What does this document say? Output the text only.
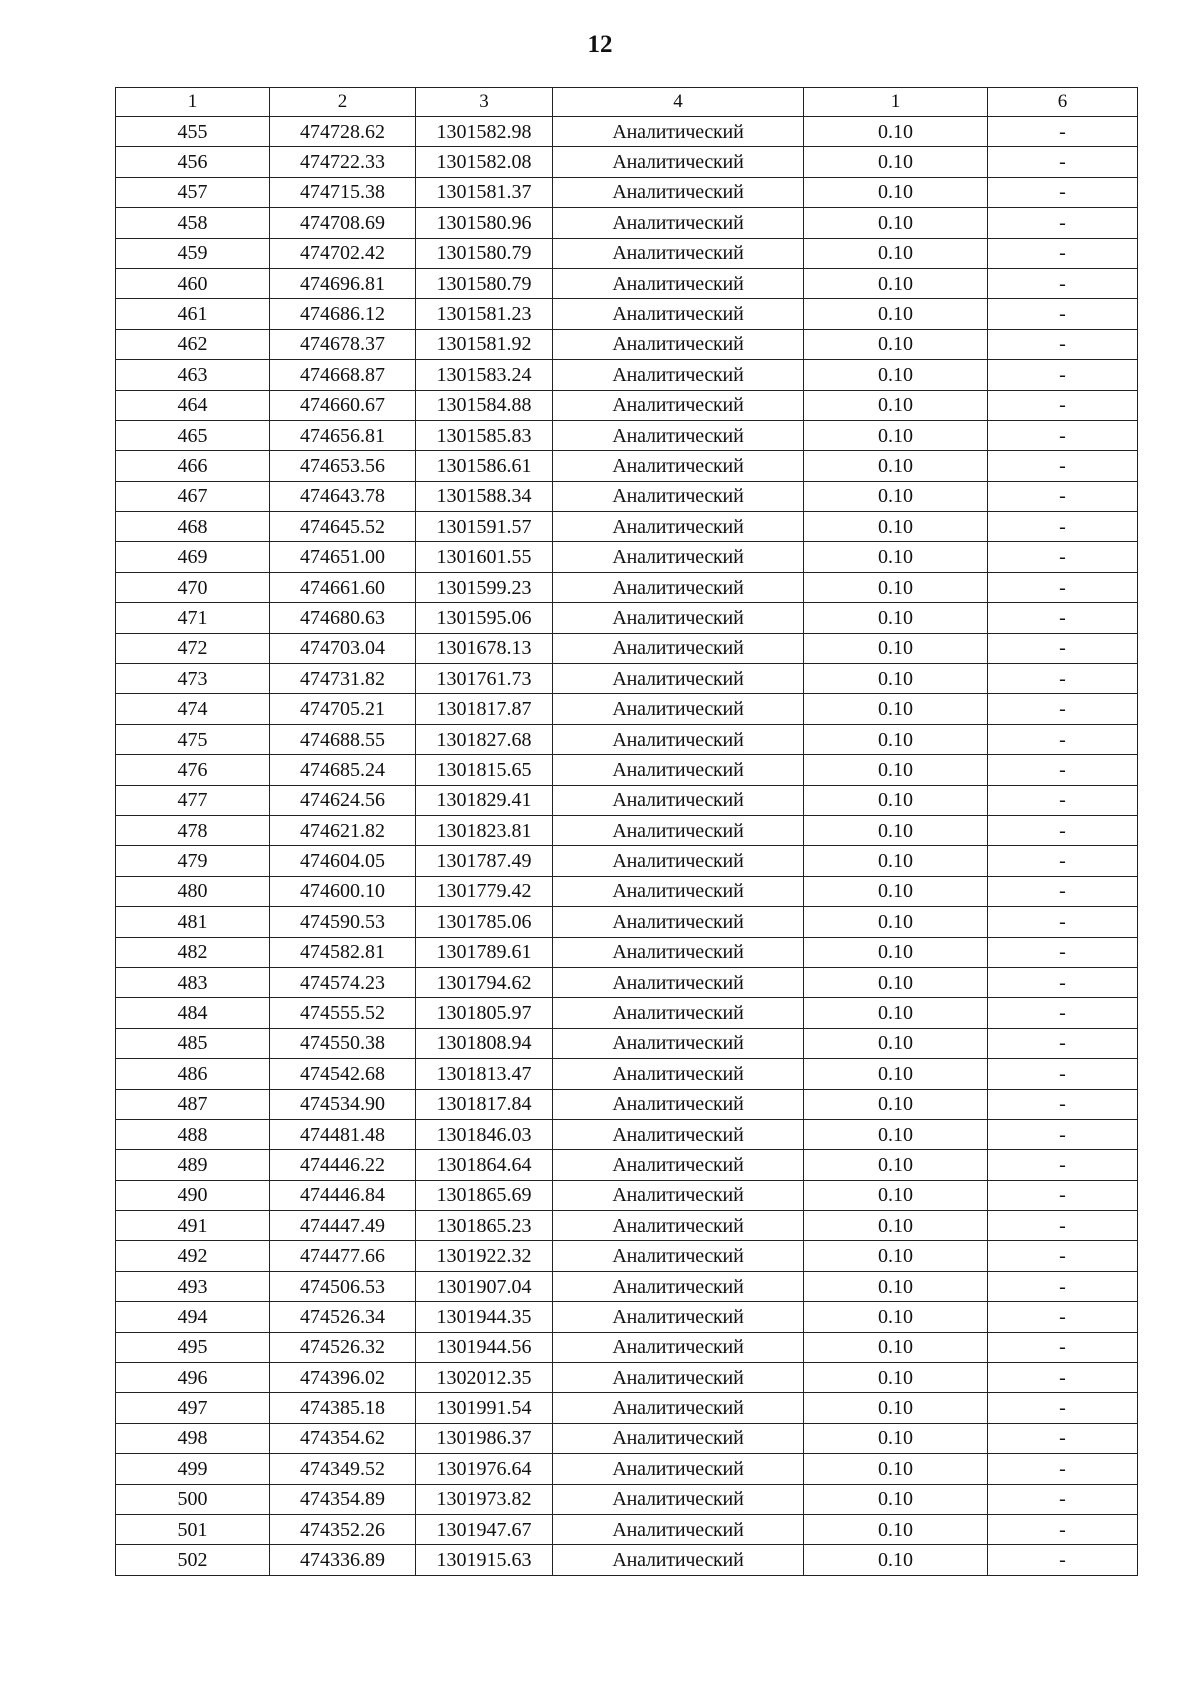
12
1	2	3	4	1	6
455	474728.62	1301582.98	Аналитический	0.10	-
456	474722.33	1301582.08	Аналитический	0.10	-
457	474715.38	1301581.37	Аналитический	0.10	-
458	474708.69	1301580.96	Аналитический	0.10	-
459	474702.42	1301580.79	Аналитический	0.10	-
460	474696.81	1301580.79	Аналитический	0.10	-
461	474686.12	1301581.23	Аналитический	0.10	-
462	474678.37	1301581.92	Аналитический	0.10	-
463	474668.87	1301583.24	Аналитический	0.10	-
464	474660.67	1301584.88	Аналитический	0.10	-
465	474656.81	1301585.83	Аналитический	0.10	-
466	474653.56	1301586.61	Аналитический	0.10	-
467	474643.78	1301588.34	Аналитический	0.10	-
468	474645.52	1301591.57	Аналитический	0.10	-
469	474651.00	1301601.55	Аналитический	0.10	-
470	474661.60	1301599.23	Аналитический	0.10	-
471	474680.63	1301595.06	Аналитический	0.10	-
472	474703.04	1301678.13	Аналитический	0.10	-
473	474731.82	1301761.73	Аналитический	0.10	-
474	474705.21	1301817.87	Аналитический	0.10	-
475	474688.55	1301827.68	Аналитический	0.10	-
476	474685.24	1301815.65	Аналитический	0.10	-
477	474624.56	1301829.41	Аналитический	0.10	-
478	474621.82	1301823.81	Аналитический	0.10	-
479	474604.05	1301787.49	Аналитический	0.10	-
480	474600.10	1301779.42	Аналитический	0.10	-
481	474590.53	1301785.06	Аналитический	0.10	-
482	474582.81	1301789.61	Аналитический	0.10	-
483	474574.23	1301794.62	Аналитический	0.10	-
484	474555.52	1301805.97	Аналитический	0.10	-
485	474550.38	1301808.94	Аналитический	0.10	-
486	474542.68	1301813.47	Аналитический	0.10	-
487	474534.90	1301817.84	Аналитический	0.10	-
488	474481.48	1301846.03	Аналитический	0.10	-
489	474446.22	1301864.64	Аналитический	0.10	-
490	474446.84	1301865.69	Аналитический	0.10	-
491	474447.49	1301865.23	Аналитический	0.10	-
492	474477.66	1301922.32	Аналитический	0.10	-
493	474506.53	1301907.04	Аналитический	0.10	-
494	474526.34	1301944.35	Аналитический	0.10	-
495	474526.32	1301944.56	Аналитический	0.10	-
496	474396.02	1302012.35	Аналитический	0.10	-
497	474385.18	1301991.54	Аналитический	0.10	-
498	474354.62	1301986.37	Аналитический	0.10	-
499	474349.52	1301976.64	Аналитический	0.10	-
500	474354.89	1301973.82	Аналитический	0.10	-
501	474352.26	1301947.67	Аналитический	0.10	-
502	474336.89	1301915.63	Аналитический	0.10	-
